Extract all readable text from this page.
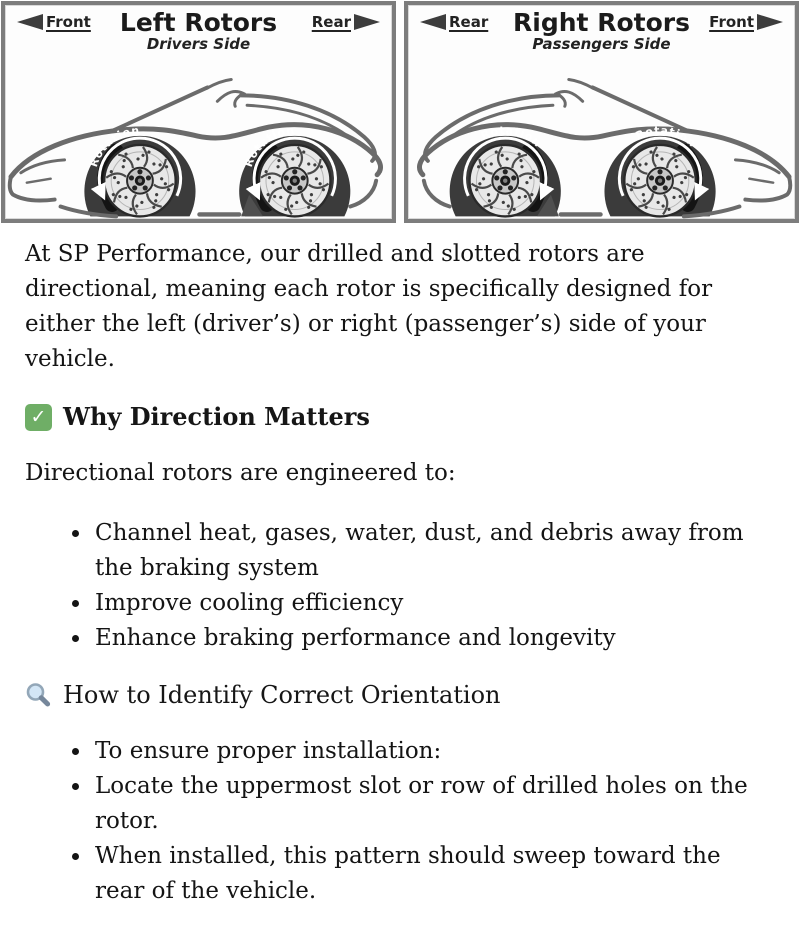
Left Rotors
Drivers Side
Front	Rear
Rotation
Rotation
Right Rotors
Passengers Side
Rear	Front
Rotation	Rotation

At SP Performance, our drilled and slotted rotors are directional, meaning each rotor is specifically designed for either the left (driver’s) or right (passenger’s) side of your vehicle.

✓ Why Direction Matters

Directional rotors are engineered to:

• Channel heat, gases, water, dust, and debris away from the braking system
• Improve cooling efficiency
• Enhance braking performance and longevity
How to Identify Correct Orientation
• To ensure proper installation:
• Locate the uppermost slot or row of drilled holes on the rotor.
• When installed, this pattern should sweep toward the rear of the vehicle.
